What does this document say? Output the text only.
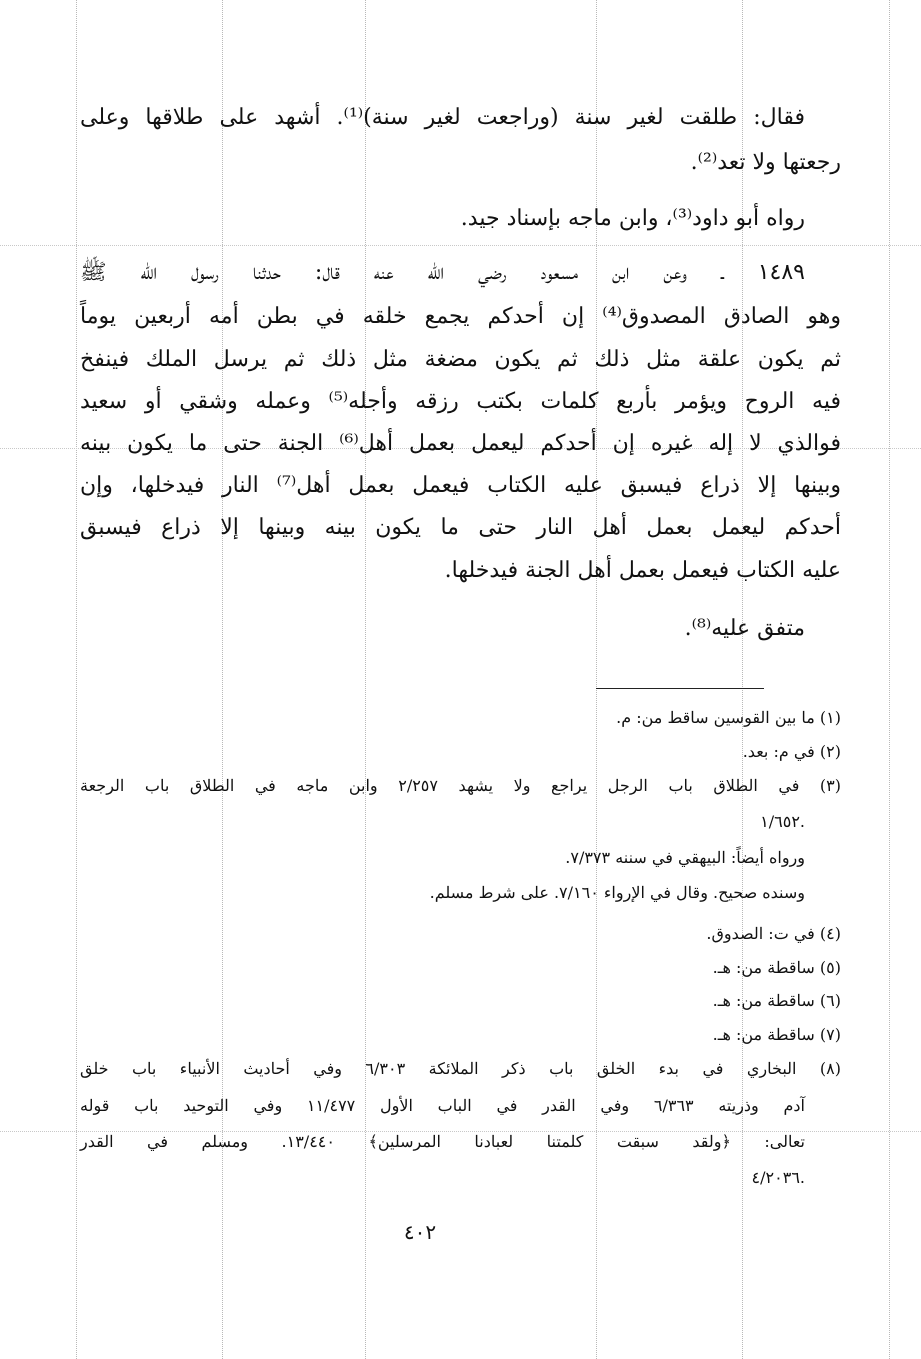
فقال: طلقت لغير سنة (وراجعت لغير سنة)⁽¹⁾. أشهد على طلاقها وعلى
رجعتها ولا تعد⁽²⁾.
رواه أبو داود⁽³⁾، وابن ماجه بإسناد جيد.
١٤٨٩ ـ وعن ابن مسعود رضي الله عنه قال: حدثنا رسول الله ﷺ
وهو الصادق المصدوق⁽⁴⁾ إن أحدكم يجمع خلقه في بطن أمه أربعين يوماً
ثم يكون علقة مثل ذلك ثم يكون مضغة مثل ذلك ثم يرسل الملك فينفخ
فيه الروح ويؤمر بأربع كلمات بكتب رزقه وأجله⁽⁵⁾ وعمله وشقي أو سعيد
فوالذي لا إله غيره إن أحدكم ليعمل بعمل أهل⁽⁶⁾ الجنة حتى ما يكون بينه
وبينها إلا ذراع فيسبق عليه الكتاب فيعمل بعمل أهل⁽⁷⁾ النار فيدخلها، وإن
أحدكم ليعمل بعمل أهل النار حتى ما يكون بينه وبينها إلا ذراع فيسبق
عليه الكتاب فيعمل بعمل أهل الجنة فيدخلها.
متفق عليه⁽⁸⁾.
(١) ما بين القوسين ساقط من: م.
(٢) في م: بعد.
(٣) في الطلاق باب الرجل يراجع ولا يشهد ٢/٢٥٧ وابن ماجه في الطلاق باب الرجعة
١/٦٥٢.
ورواه أيضاً: البيهقي في سننه ٧/٣٧٣.
وسنده صحيح. وقال في الإرواء ٧/١٦٠. على شرط مسلم.
(٤) في ت: الصدوق.
(٥) ساقطة من: هـ.
(٦) ساقطة من: هـ.
(٧) ساقطة من: هـ.
(٨) البخاري في بدء الخلق باب ذكر الملائكة ٦/٣٠٣ وفي أحاديث الأنبياء باب خلق
آدم وذريته ٦/٣٦٣ وفي القدر في الباب الأول ١١/٤٧٧ وفي التوحيد باب قوله
تعالى: ﴿ولقد سبقت كلمتنا لعبادنا المرسلين﴾ ١٣/٤٤٠. ومسلم في القدر
٤/٢٠٣٦.
٤٠٢
